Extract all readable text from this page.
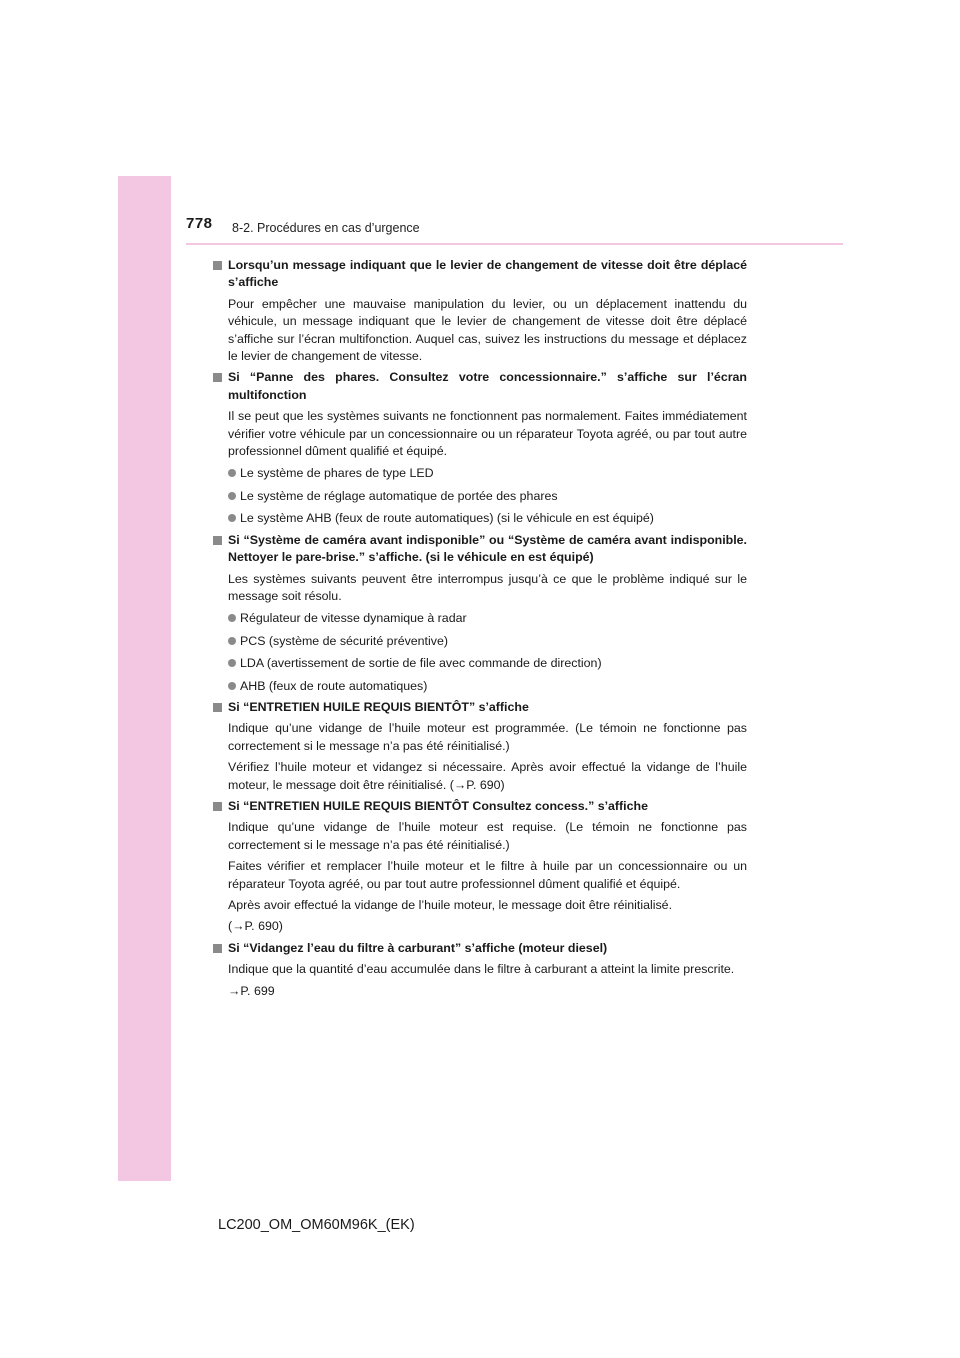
778 8-2. Procédures en cas d’urgence
Lorsqu’un message indiquant que le levier de changement de vitesse doit être déplacé s’affiche
Pour empêcher une mauvaise manipulation du levier, ou un déplacement inattendu du véhicule, un message indiquant que le levier de changement de vitesse doit être déplacé s’affiche sur l’écran multifonction. Auquel cas, suivez les instructions du message et déplacez le levier de changement de vitesse.
Si “Panne des phares. Consultez votre concessionnaire.” s’affiche sur l’écran multifonction
Il se peut que les systèmes suivants ne fonctionnent pas normalement. Faites immédiatement vérifier votre véhicule par un concessionnaire ou un réparateur Toyota agréé, ou par tout autre professionnel dûment qualifié et équipé.
Le système de phares de type LED
Le système de réglage automatique de portée des phares
Le système AHB (feux de route automatiques) (si le véhicule en est équipé)
Si “Système de caméra avant indisponible” ou “Système de caméra avant indisponible. Nettoyer le pare-brise.” s’affiche. (si le véhicule en est équipé)
Les systèmes suivants peuvent être interrompus jusqu’à ce que le problème indiqué sur le message soit résolu.
Régulateur de vitesse dynamique à radar
PCS (système de sécurité préventive)
LDA (avertissement de sortie de file avec commande de direction)
AHB (feux de route automatiques)
Si “ENTRETIEN HUILE REQUIS BIENTÔT” s’affiche
Indique qu’une vidange de l’huile moteur est programmée. (Le témoin ne fonctionne pas correctement si le message n’a pas été réinitialisé.)
Vérifiez l’huile moteur et vidangez si nécessaire. Après avoir effectué la vidange de l’huile moteur, le message doit être réinitialisé. (→P. 690)
Si “ENTRETIEN HUILE REQUIS BIENTÔT Consultez concess.” s’affiche
Indique qu’une vidange de l’huile moteur est requise. (Le témoin ne fonctionne pas correctement si le message n’a pas été réinitialisé.)
Faites vérifier et remplacer l’huile moteur et le filtre à huile par un concessionnaire ou un réparateur Toyota agréé, ou par tout autre professionnel dûment qualifié et équipé.
Après avoir effectué la vidange de l’huile moteur, le message doit être réinitialisé.
(→P. 690)
Si “Vidangez l’eau du filtre à carburant” s’affiche (moteur diesel)
Indique que la quantité d’eau accumulée dans le filtre à carburant a atteint la limite prescrite.
→P. 699
LC200_OM_OM60M96K_(EK)
